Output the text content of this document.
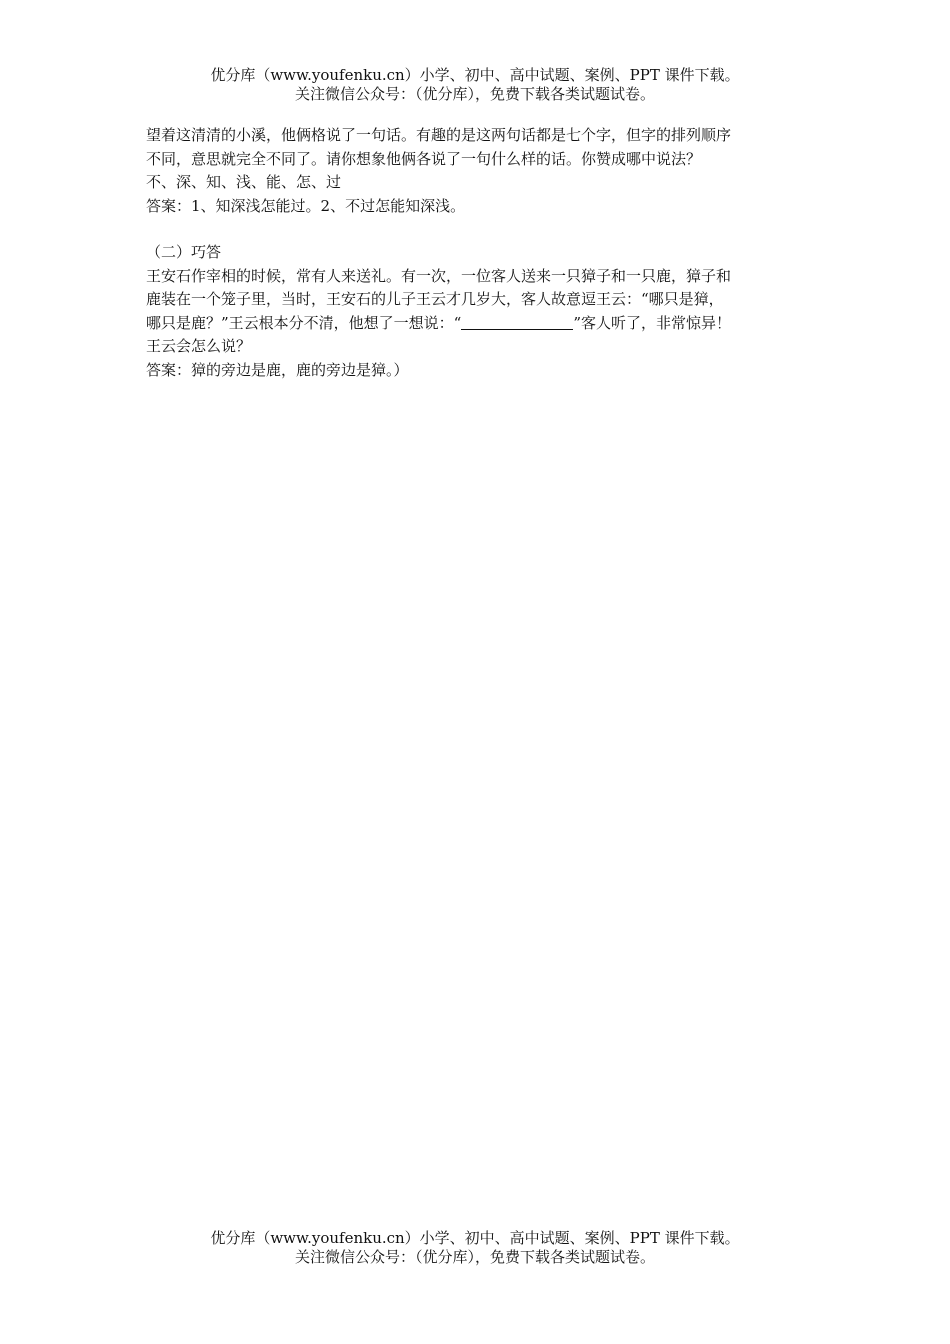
优分库（www.youfenku.cn）小学、初中、高中试题、案例、PPT 课件下载。
关注微信公众号：（优分库），免费下载各类试题试卷。

望着这清清的小溪，他俩格说了一句话。有趣的是这两句话都是七个字，但字的排列顺序

不同，意思就完全不同了。请你想象他俩各说了一句什么样的话。你赞成哪中说法？

不、深、知、浅、能、怎、过

答案：1、知深浅怎能过。2、不过怎能知深浅。

（二）巧答

王安石作宰相的时候，常有人来送礼。有一次，一位客人送来一只獐子和一只鹿，獐子和

鹿装在一个笼子里，当时，王安石的儿子王云才几岁大，客人故意逗王云：“哪只是獐，

哪只是鹿？”王云根本分不清，他想了一想说：“	”客人听了，非常惊异！

王云会怎么说？

答案：獐的旁边是鹿，鹿的旁边是獐。）

优分库（www.youfenku.cn）小学、初中、高中试题、案例、PPT 课件下载。
关注微信公众号：（优分库），免费下载各类试题试卷。
